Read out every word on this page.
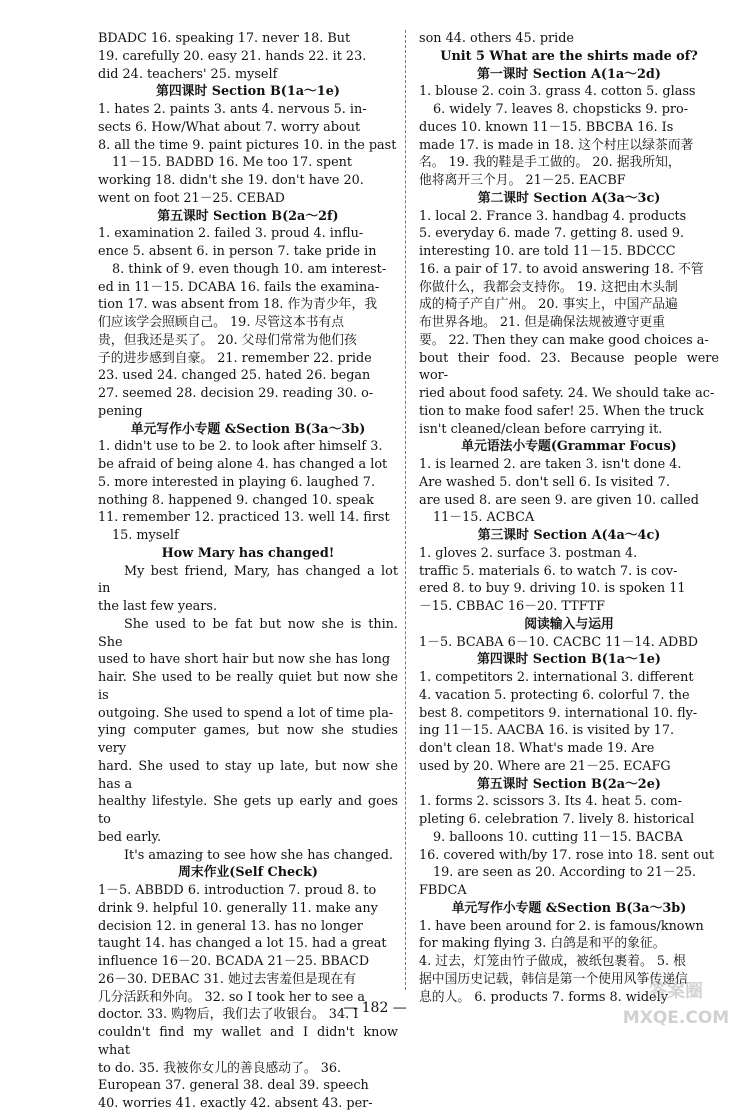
BDADC 16. speaking 17. never 18. But
19. carefully 20. easy 21. hands 22. it 23.
did 24. teachers' 25. myself
第四课时 Section B(1a～1e)
1. hates 2. paints 3. ants 4. nervous 5. in-
sects 6. How/What about 7. worry about
8. all the time 9. paint pictures 10. in the past
11－15. BADBD 16. Me too 17. spent
working 18. didn't she 19. don't have 20.
went on foot 21－25. CEBAD
第五课时 Section B(2a～2f)
1. examination 2. failed 3. proud 4. influ-
ence 5. absent 6. in person 7. take pride in
8. think of 9. even though 10. am interest-
ed in 11－15. DCABA 16. fails the examina-
tion 17. was absent from 18. 作为青少年，我
们应该学会照顾自己。 19. 尽管这本书有点
贵，但我还是买了。 20. 父母们常常为他们孩
子的进步感到自豪。 21. remember 22. pride
23. used 24. changed 25. hated 26. began
27. seemed 28. decision 29. reading 30. o-
pening
单元写作小专题 &Section B(3a～3b)
1. didn't use to be 2. to look after himself 3.
be afraid of being alone 4. has changed a lot
5. more interested in playing 6. laughed 7.
nothing 8. happened 9. changed 10. speak
11. remember 12. practiced 13. well 14. first
15. myself
How Mary has changed!
My best friend, Mary, has changed a lot in
the last few years.
She used to be fat but now she is thin. She
used to have short hair but now she has long
hair. She used to be really quiet but now she is
outgoing. She used to spend a lot of time pla-
ying computer games, but now she studies very
hard. She used to stay up late, but now she has a
healthy lifestyle. She gets up early and goes to
bed early.
It's amazing to see how she has changed.
周末作业(Self Check)
1－5. ABBDD 6. introduction 7. proud 8. to
drink 9. helpful 10. generally 11. make any
decision 12. in general 13. has no longer
taught 14. has changed a lot 15. had a great
influence 16－20. BCADA 21－25. BBACD
26－30. DEBAC 31. 她过去害羞但是现在有
几分活跃和外向。 32. so I took her to see a
doctor. 33. 购物后，我们去了收银台。 34. I
couldn't find my wallet and I didn't know what
to do. 35. 我被你女儿的善良感动了。 36.
European 37. general 38. deal 39. speech
40. worries 41. exactly 42. absent 43. per-
son 44. others 45. pride
Unit 5 What are the shirts made of?
第一课时 Section A(1a～2d)
1. blouse 2. coin 3. grass 4. cotton 5. glass
6. widely 7. leaves 8. chopsticks 9. pro-
duces 10. known 11－15. BBCBA 16. Is
made 17. is made in 18. 这个村庄以绿茶而著
名。 19. 我的鞋是手工做的。 20. 据我所知，
他将离开三个月。 21－25. EACBF
第二课时 Section A(3a～3c)
1. local 2. France 3. handbag 4. products
5. everyday 6. made 7. getting 8. used 9.
interesting 10. are told 11－15. BDCCC
16. a pair of 17. to avoid answering 18. 不管
你做什么，我都会支持你。 19. 这把由木头制
成的椅子产自广州。 20. 事实上，中国产品遍
布世界各地。 21. 但是确保法规被遵守更重
要。 22. Then they can make good choices a-
bout their food. 23. Because people were wor-
ried about food safety. 24. We should take ac-
tion to make food safer! 25. When the truck
isn't cleaned/clean before carrying it.
单元语法小专题(Grammar Focus)
1. is learned 2. are taken 3. isn't done 4.
Are washed 5. don't sell 6. Is visited 7.
are used 8. are seen 9. are given 10. called
11－15. ACBCA
第三课时 Section A(4a～4c)
1. gloves 2. surface 3. postman 4.
traffic 5. materials 6. to watch 7. is cov-
ered 8. to buy 9. driving 10. is spoken 11
－15. CBBAC 16－20. TTFTF
阅读输入与运用
1－5. BCABA 6－10. CACBC 11－14. ADBD
第四课时 Section B(1a～1e)
1. competitors 2. international 3. different
4. vacation 5. protecting 6. colorful 7. the
best 8. competitors 9. international 10. fly-
ing 11－15. AACBA 16. is visited by 17.
don't clean 18. What's made 19. Are
used by 20. Where are 21－25. ECAFG
第五课时 Section B(2a～2e)
1. forms 2. scissors 3. Its 4. heat 5. com-
pleting 6. celebration 7. lively 8. historical
9. balloons 10. cutting 11－15. BACBA
16. covered with/by 17. rose into 18. sent out
19. are seen as 20. According to 21－25.
FBDCA
单元写作小专题 &Section B(3a～3b)
1. have been around for 2. is famous/known
for making flying 3. 白鸽是和平的象征。
4. 过去，灯笼由竹子做成，被纸包裹着。 5. 根
据中国历史记载，韩信是第一个使用风筝传递信
息的人。 6. products 7. forms 8. widely
— 182 —
答案圈
MXQE.COM
